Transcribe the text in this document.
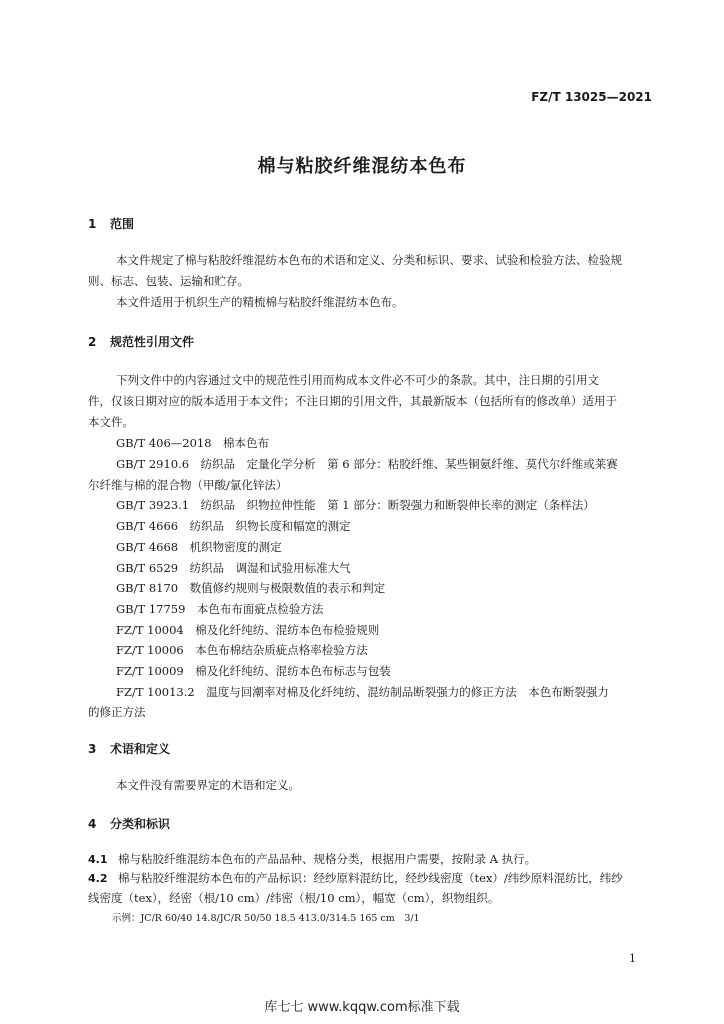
FZ/T 13025—2021
棉与粘胶纤维混纺本色布
1 范围
本文件规定了棉与粘胶纤维混纺本色布的术语和定义、分类和标识、要求、试验和检验方法、检验规
则、标志、包装、运输和贮存。
本文件适用于机织生产的精梳棉与粘胶纤维混纺本色布。
2 规范性引用文件
下列文件中的内容通过文中的规范性引用而构成本文件必不可少的条款。其中，注日期的引用文
件，仅该日期对应的版本适用于本文件；不注日期的引用文件，其最新版本（包括所有的修改单）适用于
本文件。
GB/T 406—2018　棉本色布
GB/T 2910.6　纺织品　定量化学分析　第 6 部分：粘胶纤维、某些铜氨纤维、莫代尔纤维或莱赛
尔纤维与棉的混合物（甲酸/氯化锌法）
GB/T 3923.1　纺织品　织物拉伸性能　第 1 部分：断裂强力和断裂伸长率的测定（条样法）
GB/T 4666　纺织品　织物长度和幅宽的测定
GB/T 4668　机织物密度的测定
GB/T 6529　纺织品　调湿和试验用标准大气
GB/T 8170　数值修约规则与极限数值的表示和判定
GB/T 17759　本色布布面疵点检验方法
FZ/T 10004　棉及化纤纯纺、混纺本色布检验规则
FZ/T 10006　本色布棉结杂质疵点格率检验方法
FZ/T 10009　棉及化纤纯纺、混纺本色布标志与包装
FZ/T 10013.2　温度与回潮率对棉及化纤纯纺、混纺制品断裂强力的修正方法　本色布断裂强力
的修正方法
3 术语和定义
本文件没有需要界定的术语和定义。
4 分类和标识
4.1 棉与粘胶纤维混纺本色布的产品品种、规格分类，根据用户需要，按附录 A 执行。
4.2 棉与粘胶纤维混纺本色布的产品标识：经纱原料混纺比，经纱线密度（tex）/纬纱原料混纺比，纬纱
线密度（tex），经密（根/10 cm）/纬密（根/10 cm），幅宽（cm），织物组织。
示例：JC/R 60/40 14.8/JC/R 50/50 18.5 413.0/314.5 165 cm　3/1
1
库七七 www.kqqw.com标准下载
